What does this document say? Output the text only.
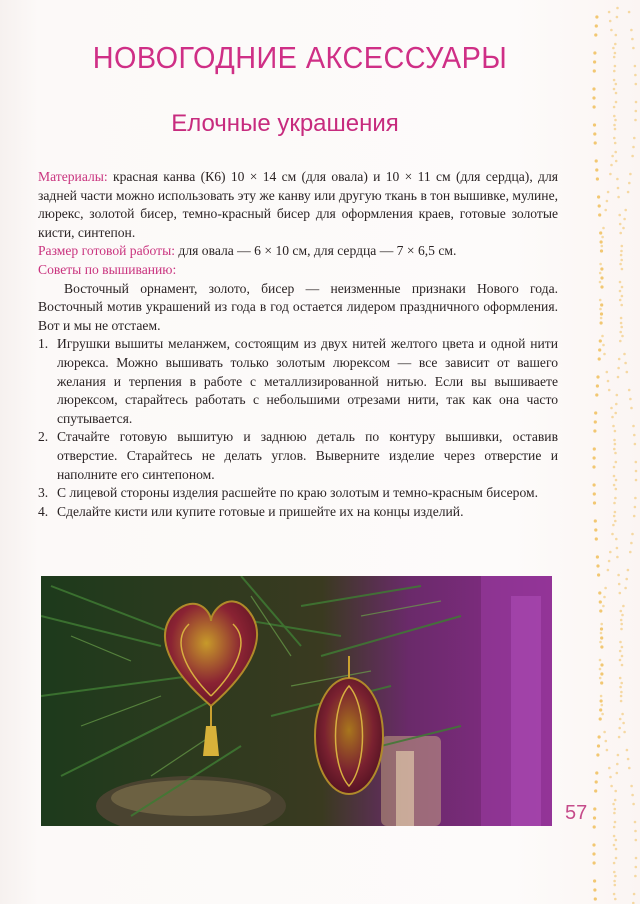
НОВОГОДНИЕ АКСЕССУАРЫ
Елочные украшения

Материалы: красная канва (К6) 10 × 14 см (для овала) и 10 × 11 см (для сердца), для задней части можно использовать эту же канву или другую ткань в тон вышивке, мулине, люрекс, золотой бисер, темно-красный бисер для оформления краев, готовые золотые кисти, синтепон.

Размер готовой работы: для овала — 6 × 10 см, для сердца — 7 × 6,5 см.

Советы по вышиванию:

Восточный орнамент, золото, бисер — неизменные признаки Нового года. Восточный мотив украшений из года в год остается лидером праздничного оформления. Вот и мы не отстаем.

1. Игрушки вышиты меланжем, состоящим из двух нитей желтого цвета и одной нити люрекса. Можно вышивать только золотым люрексом — все зависит от вашего желания и терпения в работе с металлизированной нитью. Если вы вышиваете люрексом, старайтесь работать с небольшими отрезами нити, так как она часто спутывается.
2. Стачайте готовую вышитую и заднюю деталь по контуру вышивки, оставив отверстие. Старайтесь не делать углов. Выверните изделие через отверстие и наполните его синтепоном.
3. С лицевой стороны изделия расшейте по краю золотым и темно-красным бисером.
4. Сделайте кисти или купите готовые и пришейте их на концы изделий.
57
